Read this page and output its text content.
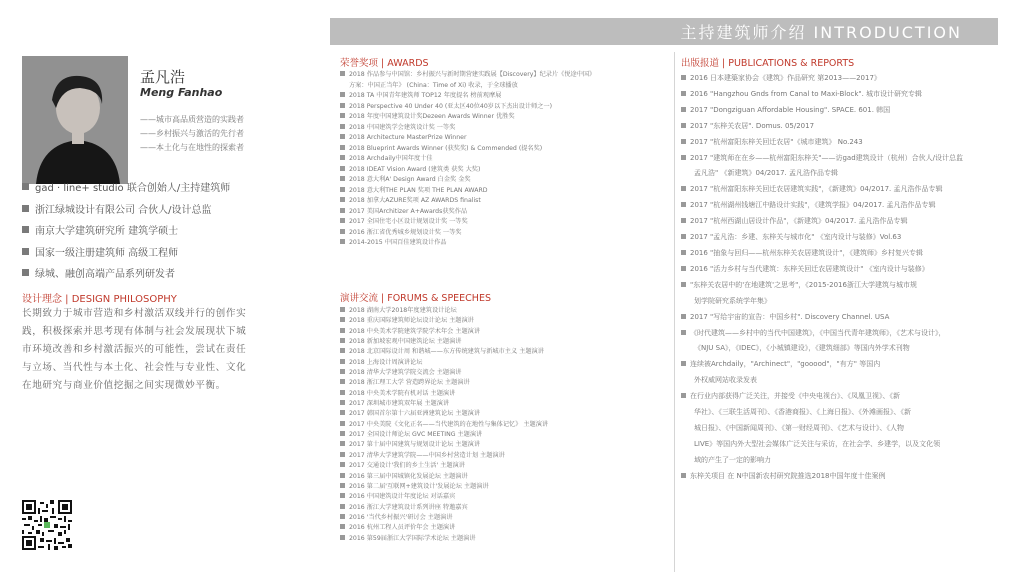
主持建筑师介绍 INTRODUCTION
孟凡浩
Meng Fanhao
——城市高品质营造的实践者
——乡村振兴与激活的先行者
——本土化与在地性的探索者
gad · line+ studio 联合创始人/主持建筑师
浙江绿城设计有限公司 合伙人/设计总监
南京大学建筑研究所 建筑学硕士
国家一级注册建筑师 高级工程师
绿城、融创高端产品系列研发者
设计理念 | DESIGN PHILOSOPHY
长期致力于城市营造和乡村激活双线并行的创作实践，积极探索并思考现有体制与社会发展现状下城市环境改善和乡村激活振兴的可能性，尝试在责任与立场、当代性与本土化、社会性与专业性、文化在地研究与商业价值挖掘之间实现微妙平衡。
荣誉奖项 | AWARDS
2018 作品参与中国馆：乡村振兴与新时期营建实践展【Discovery】纪录片《悦途中国》
方案：中国正当年》 (China：Time of Xi) 收录，于全球播放
2018 TA 中国青年建筑师 TOP12 年度提名 榜前观摩展
2018 Perspective 40 Under 40 (亚太区40位40岁以下杰出设计师之一)
2018 年度中国建筑设计奖Dezeen Awards Winner 优胜奖
2018 中国建筑学会建筑设计奖 一等奖
2018 Architecture MasterPrize Winner
2018 Blueprint Awards Winner (获奖奖) & Commended (提名奖)
2018 Archdaily中国年度十佳
2018 IDEAT Vision Award (建筑类 获奖 大奖)
2018 意大利A' Design Award 白金奖 金奖
2018 意大利THE PLAN 奖项 THE PLAN AWARD
2018 加拿大AZURE奖项 AZ AWARDS finalist
2017 美国Architizer A+Awards获奖作品
2017 全国住宅小区设计规划设计奖 一等奖
2016 浙江省优秀城乡规划设计奖 一等奖
2014-2015 中国百佳建筑设计作品
演讲交流 | FORUMS & SPEECHES
2018 湖南大学2018年度建筑设计论坛
2018 重庆国际建筑师论坛设计论坛 主题演讲
2018 中央美术学院建筑学院学术年会 主题演讲
2018 新加坡宏观中国建筑论坛 主题演讲
2018 北京国际设计周 和谐城——东方传统建筑与新城市主义 主题演讲
2018 上海设计周演讲论坛
2018 清华大学建筑学院交流会 主题演讲
2018 浙江理工大学 营造跨界论坛 主题演讲
2018 中央美术学院有机对话 主题演讲
2017 深圳城市建筑双年展 主题演讲
2017 韩国首尔第十六届亚洲建筑论坛 主题演讲
2017 中央美院《文化正名——当代建筑的在地性与集体记忆》 主题演讲
2017 全国设计师论坛 GVC MEETING 主题演讲
2017 第十届中国建筑与规划设计论坛 主题演讲
2017 清华大学建筑学院——中国乡村营造计划 主题演讲
2017 交通设计'我们的乡土生活' 主题演讲
2016 第三届中国城镇化发展论坛 主题演讲
2016 第二届'互联网+建筑设计'发展论坛 主题演讲
2016 中国建筑设计年度论坛 对话嘉宾
2016 浙江大学建筑设计系列讲座 特邀嘉宾
2016 '当代乡村振兴'研讨会 主题演讲
2016 杭州工程人员评价年会 主题演讲
2016 第59届浙江大学国际学术论坛 主题演讲
出版报道 | PUBLICATIONS & REPORTS
2016 日本建築家协会《建筑》作品研究 第2013——2017》
2016 "Hangzhou Gnds from Canal to Maxi-Block". 城市设计研究专辑
2017 "Dongziguan Affordable Housing". SPACE. 601. 韩国
2017 "东梓关农居". Domus. 05/2017
2017 "杭州富阳东梓关回迁农居"《城市建筑》 No.243
2017 "建筑师在在乡——杭州富阳东梓关"——访gad建筑设计（杭州）合伙人/设计总监
孟凡浩" 《新建筑》04/2017. 孟凡浩作品专辑
2017 "杭州富阳东梓关回迁农居建筑实践"，《新建筑》04/2017. 孟凡浩作品专辑
2017 "杭州湖州钱塘江中路设计实践"，《建筑学报》04/2017. 孟凡浩作品专辑
2017 "杭州西湖山居设计作品"，《新建筑》04/2017. 孟凡浩作品专辑
2017 "孟凡浩：乡建、东梓关与城市化" 《室内设计与装修》Vol.63
2016 "抽象与回归——杭州东梓关农居建筑设计"，《建筑师》乡村复兴专辑
2016 "活力乡村与当代建筑：东梓关回迁农居建筑设计" 《室内设计与装修》
"东梓关农居中的'在地建筑'之思考"，《2015-2016浙江大学建筑与城市规
划学院研究系统学年集》
2017 "写给宇宙的宣告：中国乡村". Discovery Channel. USA
《时代建筑——乡村中的当代中国建筑》，《中国当代青年建筑师》，《艺术与设计》，
《NJU SA》，《IDEC》，《小城镇建设》，《建筑细部》等国内外学术刊物
连续被Archdaily，"Archinect"，"gooood"，"有方" 等国内
外权威网站收录发表
在行业内部获得广泛关注，并接受《中央电视台》、《凤凰卫视》、《新
华社》、《三联生活周刊》、《香港商报》、《上海日报》、《外滩画报》、《新
城日报》、《中国新闻周刊》、《第一财经周刊》、《艺术与设计》、《人物
LIVE》等国内外大型社会媒体广泛关注与采访，在社会学、乡建学，以及文化领
域的产生了一定的影响力
东梓关项目 在 N中国新农村研究院推选2018中国年度十佳案例
